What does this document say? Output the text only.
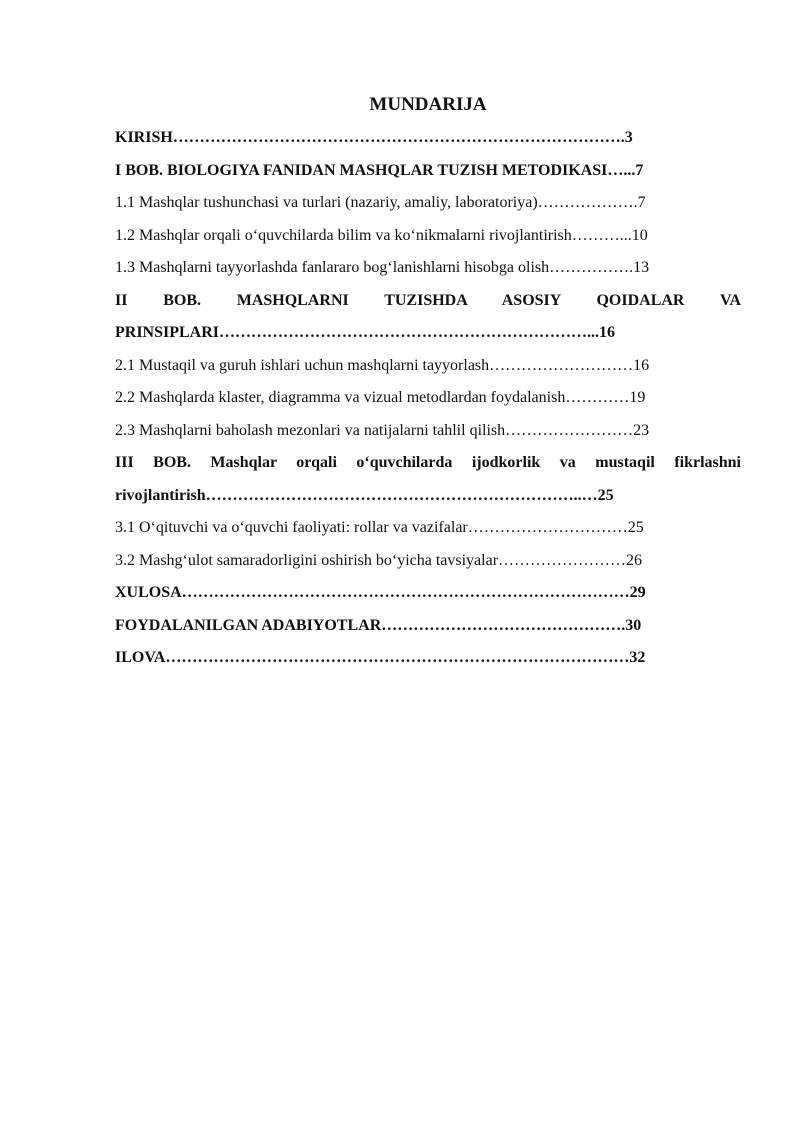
MUNDARIJA
KIRISH………………………………………………………………………….3
I BOB. BIOLOGIYA FANIDAN MASHQLAR TUZISH METODIKASI…...7
1.1 Mashqlar tushunchasi va turlari (nazariy, amaliy, laboratoriya)……………….7
1.2 Mashqlar orqali o‘quvchilarda bilim va ko‘nikmalarni rivojlantirish………...10
1.3 Mashqlarni tayyorlashda fanlararo bog‘lanishlarni hisobga olish…………….13
II BOB. MASHQLARNI TUZISHDA ASOSIY QOIDALAR VA
PRINSIPLARI……………………………………………………………...16
2.1 Mustaqil va guruh ishlari uchun mashqlarni tayyorlash………………………16
2.2 Mashqlarda klaster, diagramma va vizual metodlardan foydalanish…………19
2.3 Mashqlarni baholash mezonlari va natijalarni tahlil qilish……………………23
III BOB. Mashqlar orqali o‘quvchilarda ijodkorlik va mustaqil fikrlashni
rivojlantirish……………………………………………………………..…25
3.1 O‘qituvchi va o‘quvchi faoliyati: rollar va vazifalar…………………………25
3.2 Mashg‘ulot samaradorligini oshirish bo‘yicha tavsiyalar……………………26
XULOSA…………………………………………………………………………29
FOYDALANILGAN ADABIYOTLAR……………………………………….30
ILOVA……………………………………………………………………………32
